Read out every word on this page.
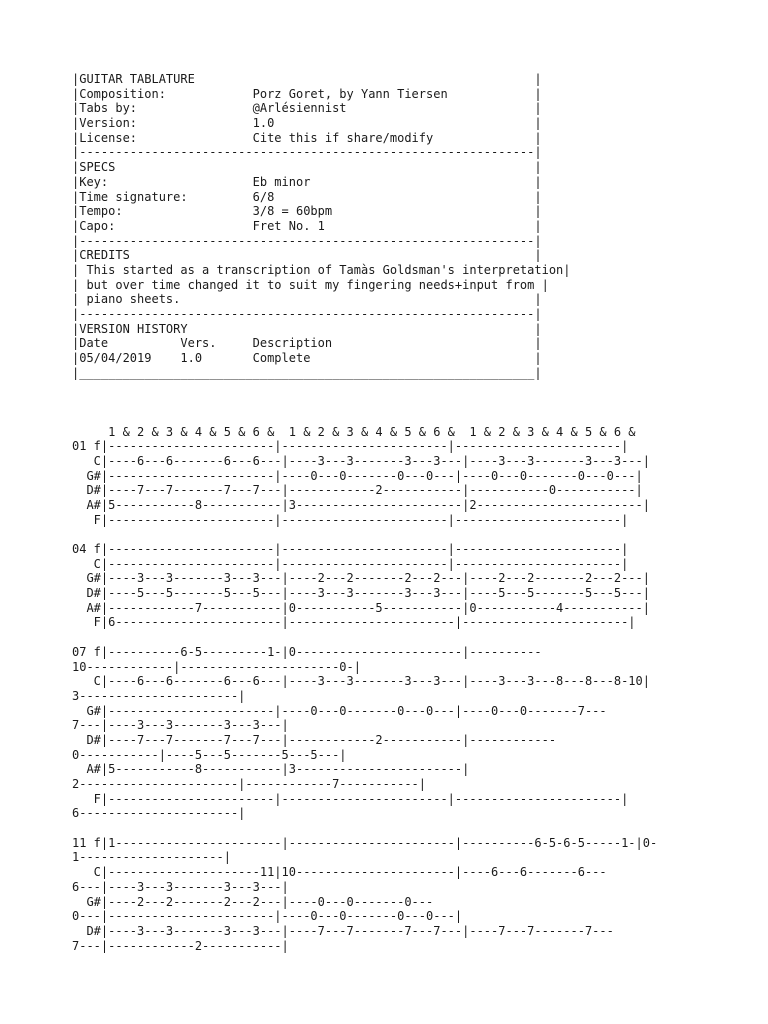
|GUITAR TABLATURE                                               |
|Composition:            Porz Goret, by Yann Tiersen            |
|Tabs by:                @Arlésiennist                          |
|Version:                1.0                                    |
|License:                Cite this if share/modify              |
|---------------------------------------------------------------|
|SPECS                                                          |
|Key:                    Eb minor                               |
|Time signature:         6/8                                    |
|Tempo:                  3/8 = 60bpm                            |
|Capo:                   Fret No. 1                             |
|---------------------------------------------------------------|
|CREDITS                                                        |
| This started as a transcription of Tamàs Goldsman's interpretation|
| but over time changed it to suit my fingering needs+input from |
| piano sheets.                                                 |
|---------------------------------------------------------------|
|VERSION HISTORY                                                |
|Date          Vers.     Description                            |
|05/04/2019    1.0       Complete                               |
|_______________________________________________________________|
1 & 2 & 3 & 4 & 5 & 6 &  1 & 2 & 3 & 4 & 5 & 6 &  1 & 2 & 3 & 4 & 5 & 6 &
01 f|-----------------------|-----------------------|-----------------------|
C|----6---6-------6---6---|----3---3-------3---3---|----3---3-------3---3---|
G#|-----------------------|----0---0-------0---0---|----0---0-------0---0---|
D#|----7---7-------7---7---|------------2-----------|-----------0-----------|
A#|5-----------8-----------|3-----------------------|2-----------------------|
F|-----------------------|-----------------------|-----------------------|
04 f|-----------------------|-----------------------|-----------------------|
C|-----------------------|-----------------------|-----------------------|
G#|----3---3-------3---3---|----2---2-------2---2---|----2---2-------2---2---|
D#|----5---5-------5---5---|----3---3-------3---3---|----5---5-------5---5---|
A#|------------7-----------|0-----------5-----------|0-----------4-----------|
F|6-----------------------|-----------------------|-----------------------|
07 f|----------6-5---------1-|0-----------------------|----------
10------------|----------------------0-|
C|----6---6-------6---6---|----3---3-------3---3---|----3---3---8---8---8-10|
3----------------------|
G#|-----------------------|----0---0-------0---0---|----0---0-------7---
7---|----3---3-------3---3---|
D#|----7---7-------7---7---|------------2-----------|------------
0-----------|----5---5-------5---5---|
A#|5-----------8-----------|3-----------------------|
2----------------------|------------7-----------|
F|-----------------------|-----------------------|-----------------------|
6----------------------|
11 f|1-----------------------|-----------------------|----------6-5-6-5-----1-|0-
1--------------------|
C|---------------------11|10----------------------|----6---6-------6---
6---|----3---3-------3---3---|
G#|----2---2-------2---2---|----0---0-------0---
0---|-----------------------|----0---0-------0---0---|
D#|----3---3-------3---3---|----7---7-------7---7---|----7---7-------7---
7---|------------2-----------|
